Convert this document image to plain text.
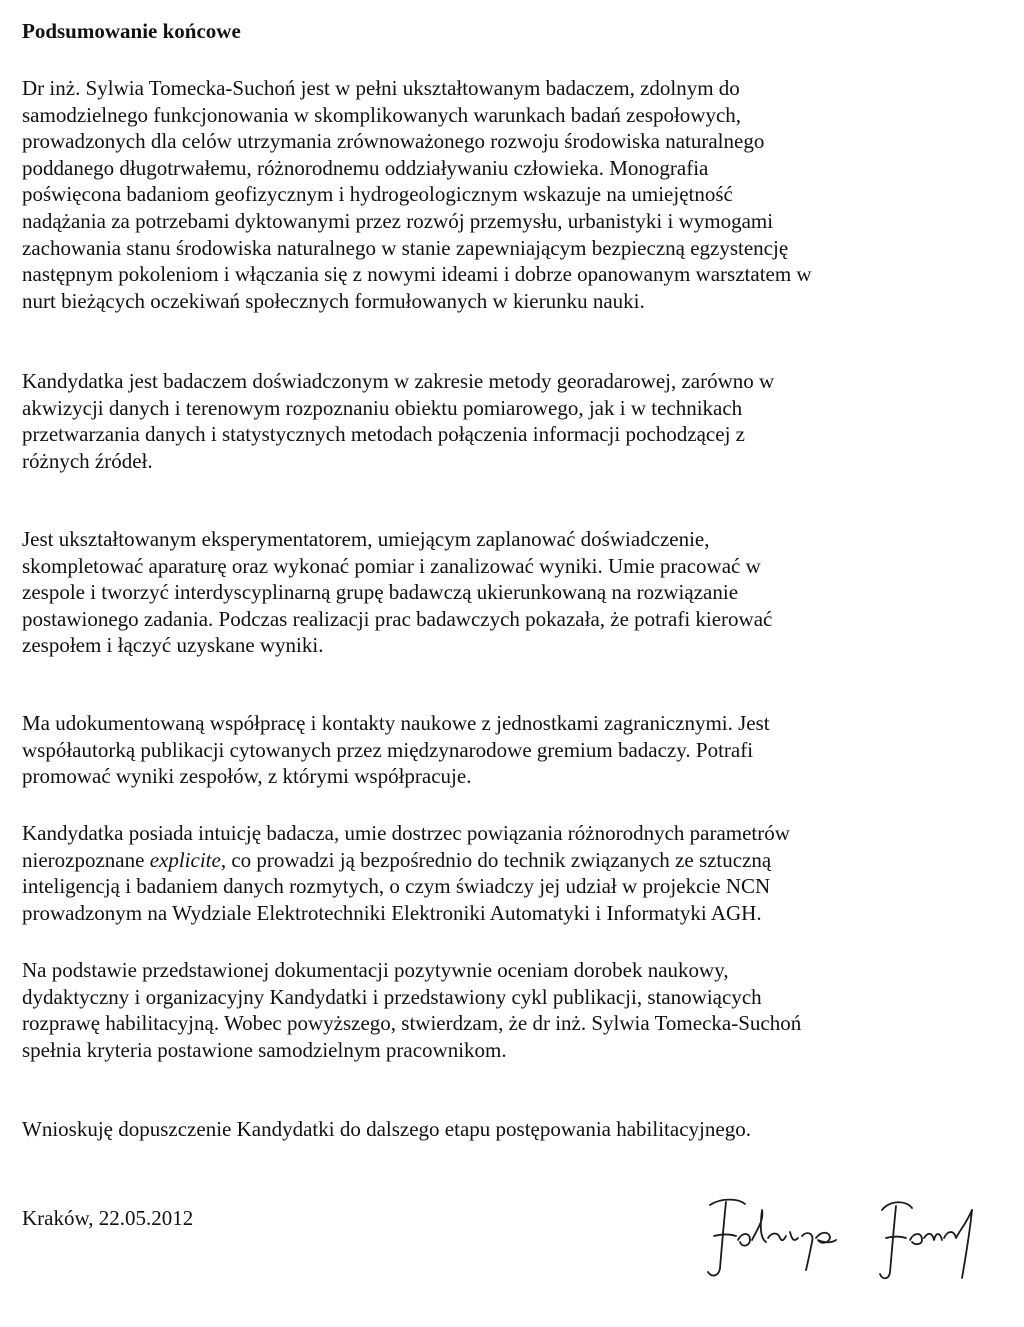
Podsumowanie końcowe

Dr inż. Sylwia Tomecka-Suchoń jest w pełni ukształtowanym badaczem, zdolnym do
samodzielnego funkcjonowania w skomplikowanych warunkach badań zespołowych,
prowadzonych dla celów utrzymania zrównoważonego rozwoju środowiska naturalnego
poddanego długotrwałemu, różnorodnemu oddziaływaniu człowieka. Monografia
poświęcona badaniom geofizycznym i hydrogeologicznym wskazuje na umiejętność
nadążania za potrzebami dyktowanymi przez rozwój przemysłu, urbanistyki i wymogami
zachowania stanu środowiska naturalnego w stanie zapewniającym bezpieczną egzystencję
następnym pokoleniom i włączania się z nowymi ideami i dobrze opanowanym warsztatem w
nurt bieżących oczekiwań społecznych formułowanych w kierunku nauki.

Kandydatka jest badaczem doświadczonym w zakresie metody georadarowej, zarówno w
akwizycji danych i terenowym rozpoznaniu obiektu pomiarowego, jak i w technikach
przetwarzania danych i statystycznych metodach połączenia informacji pochodzącej z
różnych źródeł.

Jest ukształtowanym eksperymentatorem, umiejącym zaplanować doświadczenie,
skompletować aparaturę oraz wykonać pomiar i zanalizować wyniki. Umie pracować w
zespole i tworzyć interdyscyplinarną grupę badawczą ukierunkowaną na rozwiązanie
postawionego zadania. Podczas realizacji prac badawczych pokazała, że potrafi kierować
zespołem i łączyć uzyskane wyniki.

Ma udokumentowaną współpracę i kontakty naukowe z jednostkami zagranicznymi. Jest
współautorką publikacji cytowanych przez międzynarodowe gremium badaczy. Potrafi
promować wyniki zespołów, z którymi współpracuje.

Kandydatka posiada intuicję badacza, umie dostrzec powiązania różnorodnych parametrów
nierozpoznane explicite, co prowadzi ją bezpośrednio do technik związanych ze sztuczną
inteligencją i badaniem danych rozmytych, o czym świadczy jej udział w projekcie NCN
prowadzonym na Wydziale Elektrotechniki Elektroniki Automatyki i Informatyki AGH.

Na podstawie przedstawionej dokumentacji pozytywnie oceniam dorobek naukowy,
dydaktyczny i organizacyjny Kandydatki i przedstawiony cykl publikacji, stanowiących
rozprawę habilitacyjną. Wobec powyższego, stwierdzam, że dr inż. Sylwia Tomecka-Suchoń
spełnia kryteria postawione samodzielnym pracownikom.

Wnioskuję dopuszczenie Kandydatki do dalszego etapu postępowania habilitacyjnego.

Kraków, 22.05.2012
